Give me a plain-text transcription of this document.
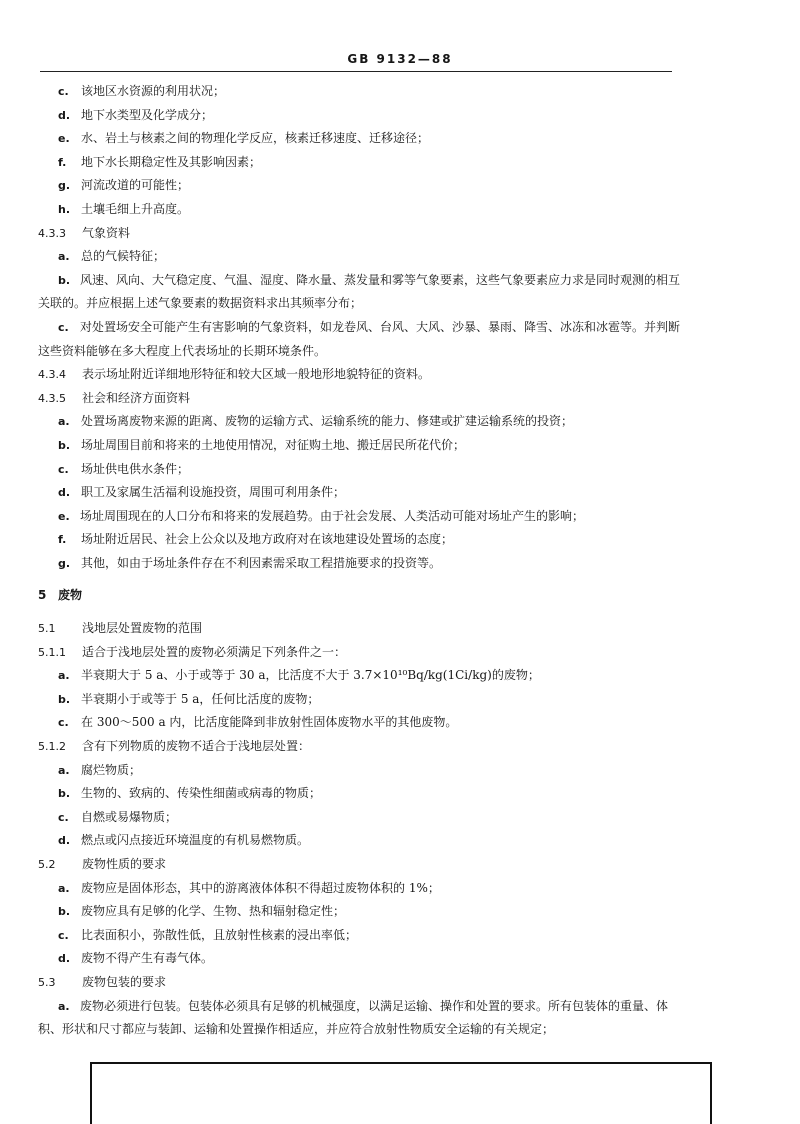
GB 9132—88
c. 该地区水资源的利用状况；
d. 地下水类型及化学成分；
e. 水、岩土与核素之间的物理化学反应，核素迁移速度、迁移途径；
f. 地下水长期稳定性及其影响因素；
g. 河流改道的可能性；
h. 土壤毛细上升高度。
4.3.3 气象资料
a. 总的气候特征；
b. 风速、风向、大气稳定度、气温、湿度、降水量、蒸发量和雾等气象要素，这些气象要素应力求是同时观测的相互关联的。并应根据上述气象要素的数据资料求出其频率分布；
c. 对处置场安全可能产生有害影响的气象资料，如龙卷风、台风、大风、沙暴、暴雨、降雪、冰冻和冰雹等。并判断这些资料能够在多大程度上代表场址的长期环境条件。
4.3.4 表示场址附近详细地形特征和较大区域一般地形地貌特征的资料。
4.3.5 社会和经济方面资料
a. 处置场离废物来源的距离、废物的运输方式、运输系统的能力、修建或扩建运输系统的投资；
b. 场址周围目前和将来的土地使用情况，对征购土地、搬迁居民所花代价；
c. 场址供电供水条件；
d. 职工及家属生活福利设施投资，周围可利用条件；
e. 场址周围现在的人口分布和将来的发展趋势。由于社会发展、人类活动可能对场址产生的影响；
f. 场址附近居民、社会上公众以及地方政府对在该地建设处置场的态度；
g. 其他，如由于场址条件存在不利因素需采取工程措施要求的投资等。
5 废物
5.1 浅地层处置废物的范围
5.1.1 适合于浅地层处置的废物必须满足下列条件之一：
a. 半衰期大于 5 a、小于或等于 30 a，比活度不大于 3.7×10¹⁰Bq/kg(1Ci/kg)的废物；
b. 半衰期小于或等于 5 a，任何比活度的废物；
c. 在 300～500 a 内，比活度能降到非放射性固体废物水平的其他废物。
5.1.2 含有下列物质的废物不适合于浅地层处置：
a. 腐烂物质；
b. 生物的、致病的、传染性细菌或病毒的物质；
c. 自燃或易爆物质；
d. 燃点或闪点接近环境温度的有机易燃物质。
5.2 废物性质的要求
a. 废物应是固体形态，其中的游离液体体积不得超过废物体积的 1%；
b. 废物应具有足够的化学、生物、热和辐射稳定性；
c. 比表面积小，弥散性低，且放射性核素的浸出率低；
d. 废物不得产生有毒气体。
5.3 废物包装的要求
a. 废物必须进行包装。包装体必须具有足够的机械强度，以满足运输、操作和处置的要求。所有包装体的重量、体积、形状和尺寸都应与装卸、运输和处置操作相适应，并应符合放射性物质安全运输的有关规定；
